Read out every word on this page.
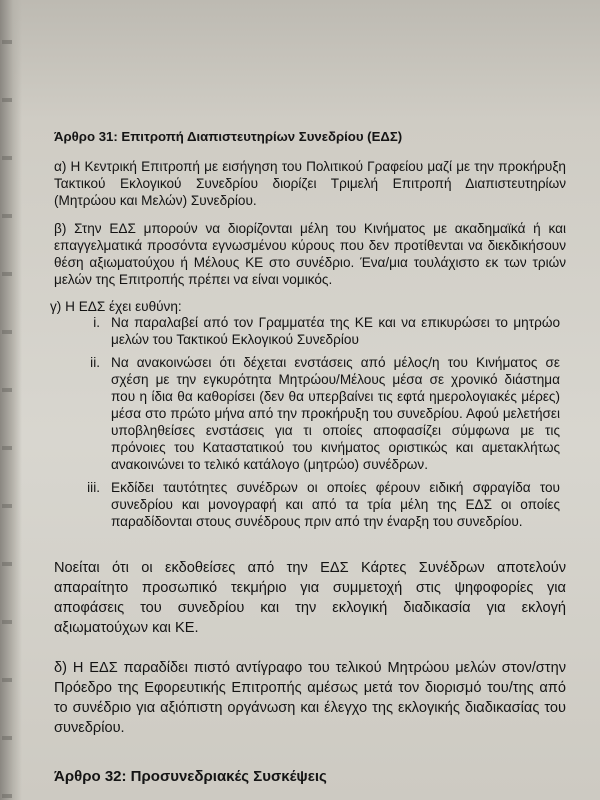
Άρθρο 31: Επιτροπή Διαπιστευτηρίων Συνεδρίου (ΕΔΣ)

α) Η Κεντρική Επιτροπή με εισήγηση του Πολιτικού Γραφείου μαζί με την προκήρυξη Τακτικού Εκλογικού Συνεδρίου διορίζει Τριμελή Επιτροπή Διαπιστευτηρίων (Μητρώου και Μελών) Συνεδρίου.

β) Στην ΕΔΣ μπορούν να διορίζονται μέλη του Κινήματος με ακαδημαϊκά ή και επαγγελματικά προσόντα εγνωσμένου κύρους που δεν προτίθενται να διεκδικήσουν θέση αξιωματούχου ή Μέλους ΚΕ στο συνέδριο. Ένα/μια τουλάχιστο εκ των τριών μελών της Επιτροπής πρέπει να είναι νομικός.

γ) Η ΕΔΣ έχει ευθύνη:

i. Να παραλαβεί από τον Γραμματέα της ΚΕ και να επικυρώσει το μητρώο μελών του Τακτικού Εκλογικού Συνεδρίου
ii. Να ανακοινώσει ότι δέχεται ενστάσεις από μέλος/η του Κινήματος σε σχέση με την εγκυρότητα Μητρώου/Μέλους μέσα σε χρονικό διάστημα που η ίδια θα καθορίσει (δεν θα υπερβαίνει τις εφτά ημερολογιακές μέρες) μέσα στο πρώτο μήνα από την προκήρυξη του συνεδρίου. Αφού μελετήσει υποβληθείσες ενστάσεις για τι οποίες αποφασίζει σύμφωνα με τις πρόνοιες του Καταστατικού του κινήματος οριστικώς και αμετακλήτως ανακοινώνει το τελικό κατάλογο (μητρώο) συνέδρων.
iii. Εκδίδει ταυτότητες συνέδρων οι οποίες φέρουν ειδική σφραγίδα του συνεδρίου και μονογραφή και από τα τρία μέλη της ΕΔΣ οι οποίες παραδίδονται στους συνέδρους πριν από την έναρξη του συνεδρίου.

Νοείται ότι οι εκδοθείσες από την ΕΔΣ Κάρτες Συνέδρων αποτελούν απαραίτητο προσωπικό τεκμήριο για συμμετοχή στις ψηφοφορίες για αποφάσεις του συνεδρίου και την εκλογική διαδικασία για εκλογή αξιωματούχων και ΚΕ.

δ) Η ΕΔΣ παραδίδει πιστό αντίγραφο του τελικού Μητρώου μελών στον/στην Πρόεδρο της Εφορευτικής Επιτροπής αμέσως μετά τον διορισμό του/της από το συνέδριο για αξιόπιστη οργάνωση και έλεγχο της εκλογικής διαδικασίας του συνεδρίου.

Άρθρο 32: Προσυνεδριακές Συσκέψεις
